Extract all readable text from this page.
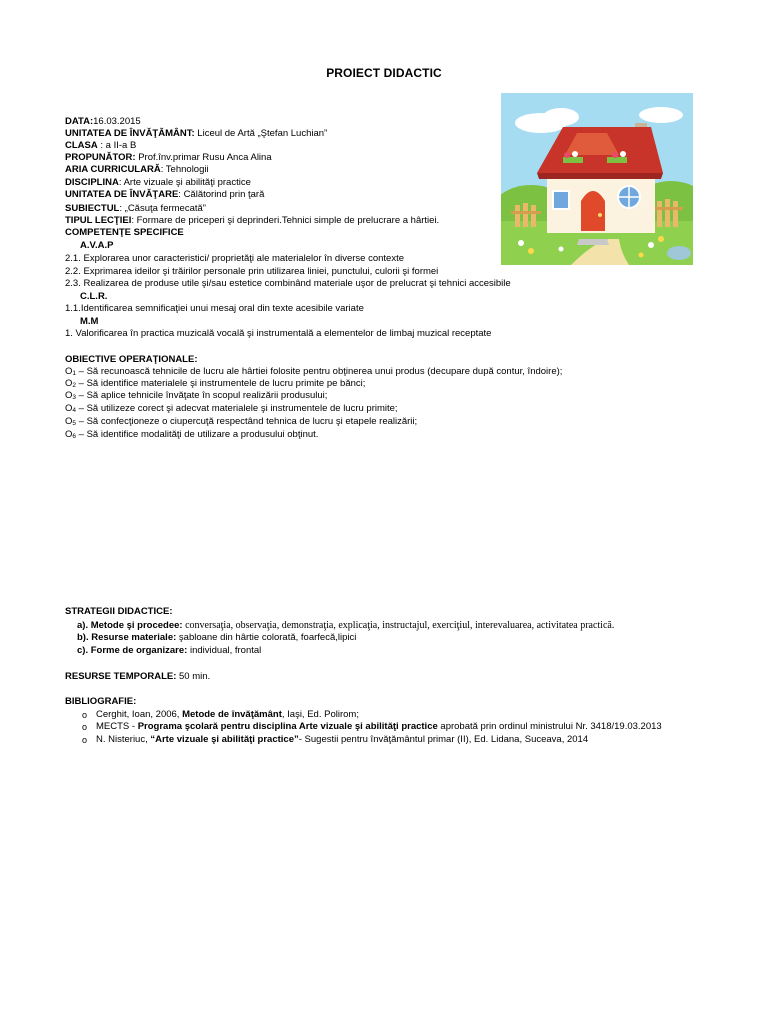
PROIECT DIDACTIC
DATA:16.03.2015
UNITATEA DE ÎNVĂŢĂMÂNT: Liceul de Artă „Ştefan Luchian”
CLASA : a II-a B
PROPUNĂTOR: Prof.înv.primar Rusu Anca Alina
ARIA CURRICULARĂ: Tehnologii
DISCIPLINA: Arte vizuale şi abilităţi practice
UNITATEA DE ÎNVĂŢARE: Călătorind prin ţară
SUBIECTUL: „Căsuţa fermecată”
TIPUL LECŢIEI: Formare de priceperi şi deprinderi.Tehnici simple de prelucrare a hârtiei.
COMPETENŢE SPECIFICE
A.V.A.P
2.1. Explorarea unor caracteristici/ proprietăţi ale materialelor în diverse contexte
2.2. Exprimarea ideilor şi trăirilor personale prin utilizarea liniei, punctului, culorii şi formei
2.3. Realizarea de produse utile şi/sau estetice combinând materiale uşor de prelucrat şi tehnici accesibile
C.L.R.
1.1.Identificarea semnificaţiei unui mesaj oral din texte acesibile variate
M.M
1. Valorificarea în practica muzicală vocală şi instrumentală a elementelor de limbaj muzical receptate
OBIECTIVE OPERAŢIONALE:
O1 – Să recunoască tehnicile de lucru ale hârtiei folosite pentru obţinerea unui produs (decupare după contur, îndoire);
O2 – Să identifice materialele şi instrumentele de lucru primite pe bănci;
O3 – Să aplice tehnicile învăţate în scopul realizării produsului;
O4 – Să utilizeze corect şi adecvat materialele şi instrumentele de lucru primite;
O5 – Să confecţioneze o ciupercuţă respectând tehnica de lucru şi etapele realizării;
O6 – Să identifice modalităţi de utilizare a produsului obţinut.
STRATEGII DIDACTICE:
a). Metode şi procedee: conversaţia, observaţia, demonstraţia, explicaţia, instructajul, exerciţiul, interevaluarea, activitatea practică.
b). Resurse materiale: şabloane din hârtie colorată, foarfecă,lipici
c). Forme de organizare: individual, frontal
RESURSE TEMPORALE: 50 min.
BIBLIOGRAFIE:
o Cerghit, Ioan, 2006, Metode de învăţământ, Iaşi, Ed. Polirom;
o MECTS - Programa şcolară pentru disciplina Arte vizuale şi abilităţi practice aprobată prin ordinul ministrului Nr. 3418/19.03.2013
o N. Nisteriuc, “Arte vizuale şi abilităţi practice”- Sugestii pentru învăţământul primar (II), Ed. Lidana, Suceava, 2014
